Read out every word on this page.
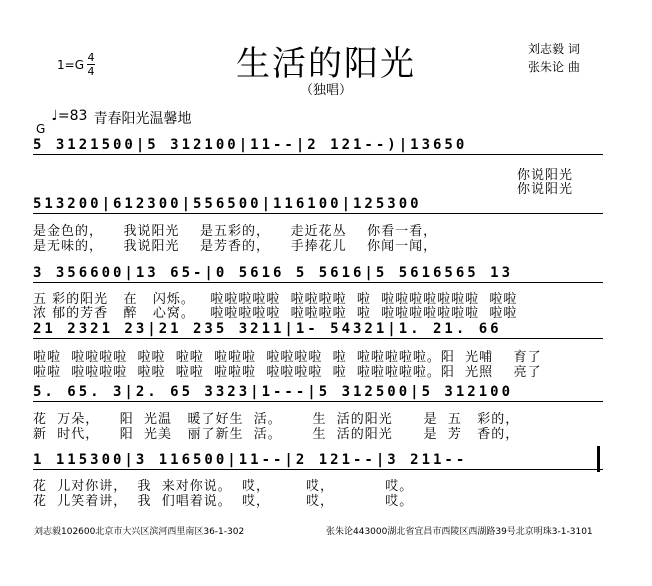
1=G 4
4	生活的阳光
（独唱）
刘志毅 词
张朱论 曲
G
♩ =83 青春阳光温馨地
5 3121500|5 312100|11--|2 121--)|13650
你说阳光
你说阳光
513200|612300|556500|116100|125300
是金色的，    我说阳光    是五彩的，    走近花丛    你看一看，
是无味的，    我说阳光    是芳香的，    手捧花儿    你闻一闻，
3 356600|13 65-|0 5616 5 5616|5 5616565 13
五 彩的阳光   在   闪烁。   啦啦啦啦啦  啦啦啦啦  啦  啦啦啦啦啦啦啦  啦啦
浓 郁的芳香   醉   心窝。   啦啦啦啦啦  啦啦啦啦  啦  啦啦啦啦啦啦啦  啦啦
21 2321 23|21 235 3211|1- 54321|1. 21. 66
啦啦  啦啦啦啦  啦啦  啦啦  啦啦啦  啦啦啦啦  啦  啦啦啦啦啦。阳  光哺    育了
啦啦  啦啦啦啦  啦啦  啦啦  啦啦啦  啦啦啦啦  啦  啦啦啦啦啦。阳  光照    亮了
5. 65. 3|2. 65 3323|1---|5 312500|5 312100
花  万朵，    阳  光温   暖了好生  活。      生  活的阳光      是  五   彩的，
新  时代，    阳  光美   丽了新生  活。      生  活的阳光      是  芳   香的，
1 115300|3 116500|11--|2 121--|3 211--
花  儿对你讲，  我  来对你说。  哎，       哎，          哎。
花  儿笑着讲，  我  们唱着说。  哎，       哎，          哎。
刘志毅102600北京市大兴区滨河西里南区36-1-302	张朱论443000湖北省宜昌市西陵区西湖路39号北京明珠3-1-3101
